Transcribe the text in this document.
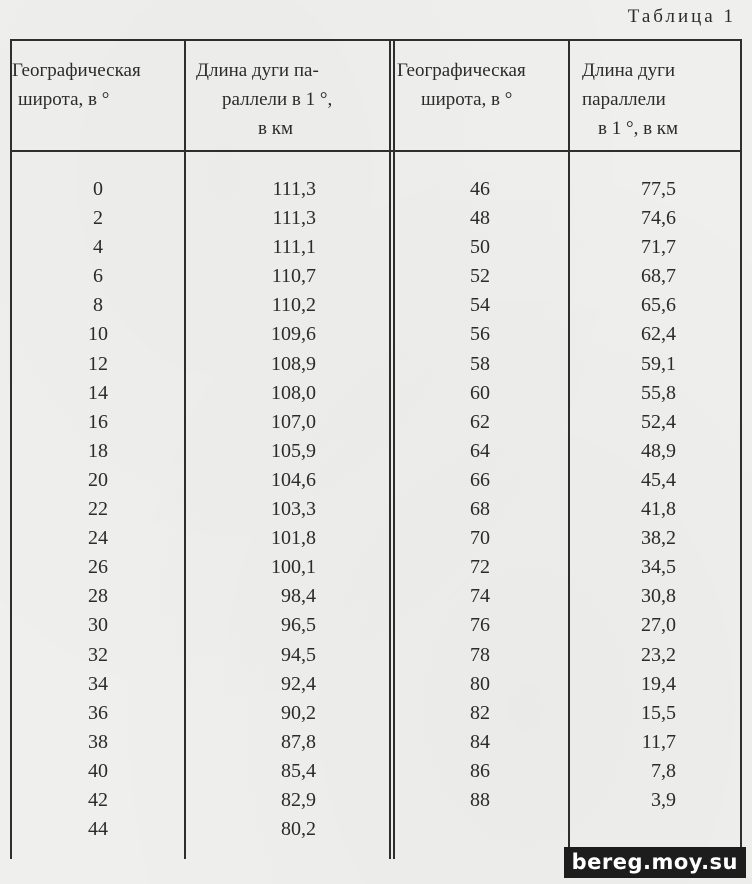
Таблица 1
Географическая
широта, в °
Длина дуги па-
раллели в 1 °,
в км
Географическая
широта, в °
Длина дуги
параллели
в 1 °, в км
0
2
4
6
8
10
12
14
16
18
20
22
24
26
28
30
32
34
36
38
40
42
44
111,3
111,3
111,1
110,7
110,2
109,6
108,9
108,0
107,0
105,9
104,6
103,3
101,8
100,1
98,4
96,5
94,5
92,4
90,2
87,8
85,4
82,9
80,2
46
48
50
52
54
56
58
60
62
64
66
68
70
72
74
76
78
80
82
84
86
88
77,5
74,6
71,7
68,7
65,6
62,4
59,1
55,8
52,4
48,9
45,4
41,8
38,2
34,5
30,8
27,0
23,2
19,4
15,5
11,7
7,8
3,9
bereg.moy.su
